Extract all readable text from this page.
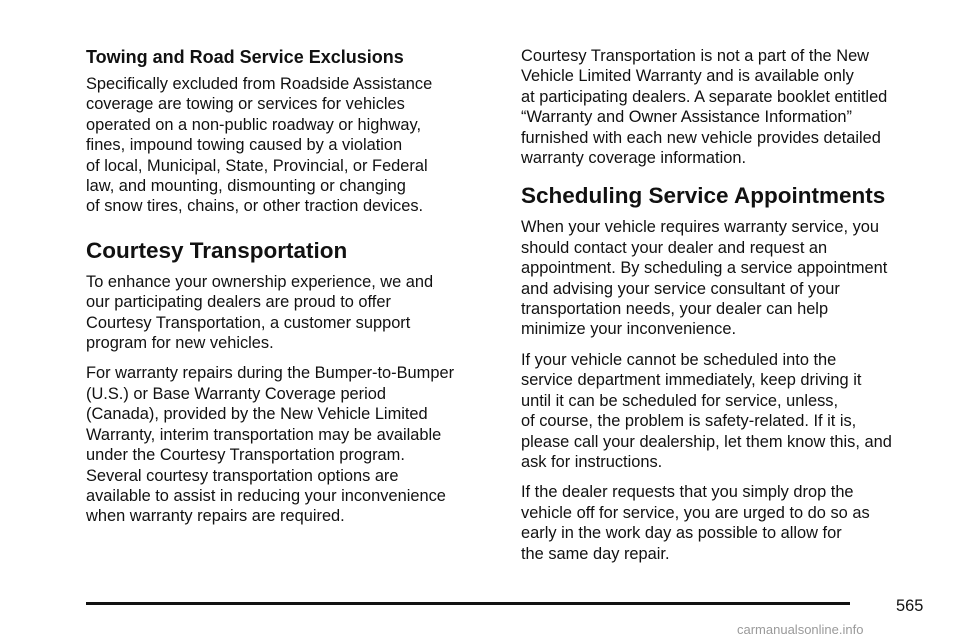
Towing and Road Service Exclusions
Specifically excluded from Roadside Assistance
coverage are towing or services for vehicles
operated on a non-public roadway or highway,
fines, impound towing caused by a violation
of local, Municipal, State, Provincial, or Federal
law, and mounting, dismounting or changing
of snow tires, chains, or other traction devices.
Courtesy Transportation
To enhance your ownership experience, we and
our participating dealers are proud to offer
Courtesy Transportation, a customer support
program for new vehicles.
For warranty repairs during the Bumper-to-Bumper
(U.S.) or Base Warranty Coverage period
(Canada), provided by the New Vehicle Limited
Warranty, interim transportation may be available
under the Courtesy Transportation program.
Several courtesy transportation options are
available to assist in reducing your inconvenience
when warranty repairs are required.
Courtesy Transportation is not a part of the New
Vehicle Limited Warranty and is available only
at participating dealers. A separate booklet entitled
“Warranty and Owner Assistance Information”
furnished with each new vehicle provides detailed
warranty coverage information.
Scheduling Service Appointments
When your vehicle requires warranty service, you
should contact your dealer and request an
appointment. By scheduling a service appointment
and advising your service consultant of your
transportation needs, your dealer can help
minimize your inconvenience.
If your vehicle cannot be scheduled into the
service department immediately, keep driving it
until it can be scheduled for service, unless,
of course, the problem is safety-related. If it is,
please call your dealership, let them know this, and
ask for instructions.
If the dealer requests that you simply drop the
vehicle off for service, you are urged to do so as
early in the work day as possible to allow for
the same day repair.
565
carmanualsonline.info
